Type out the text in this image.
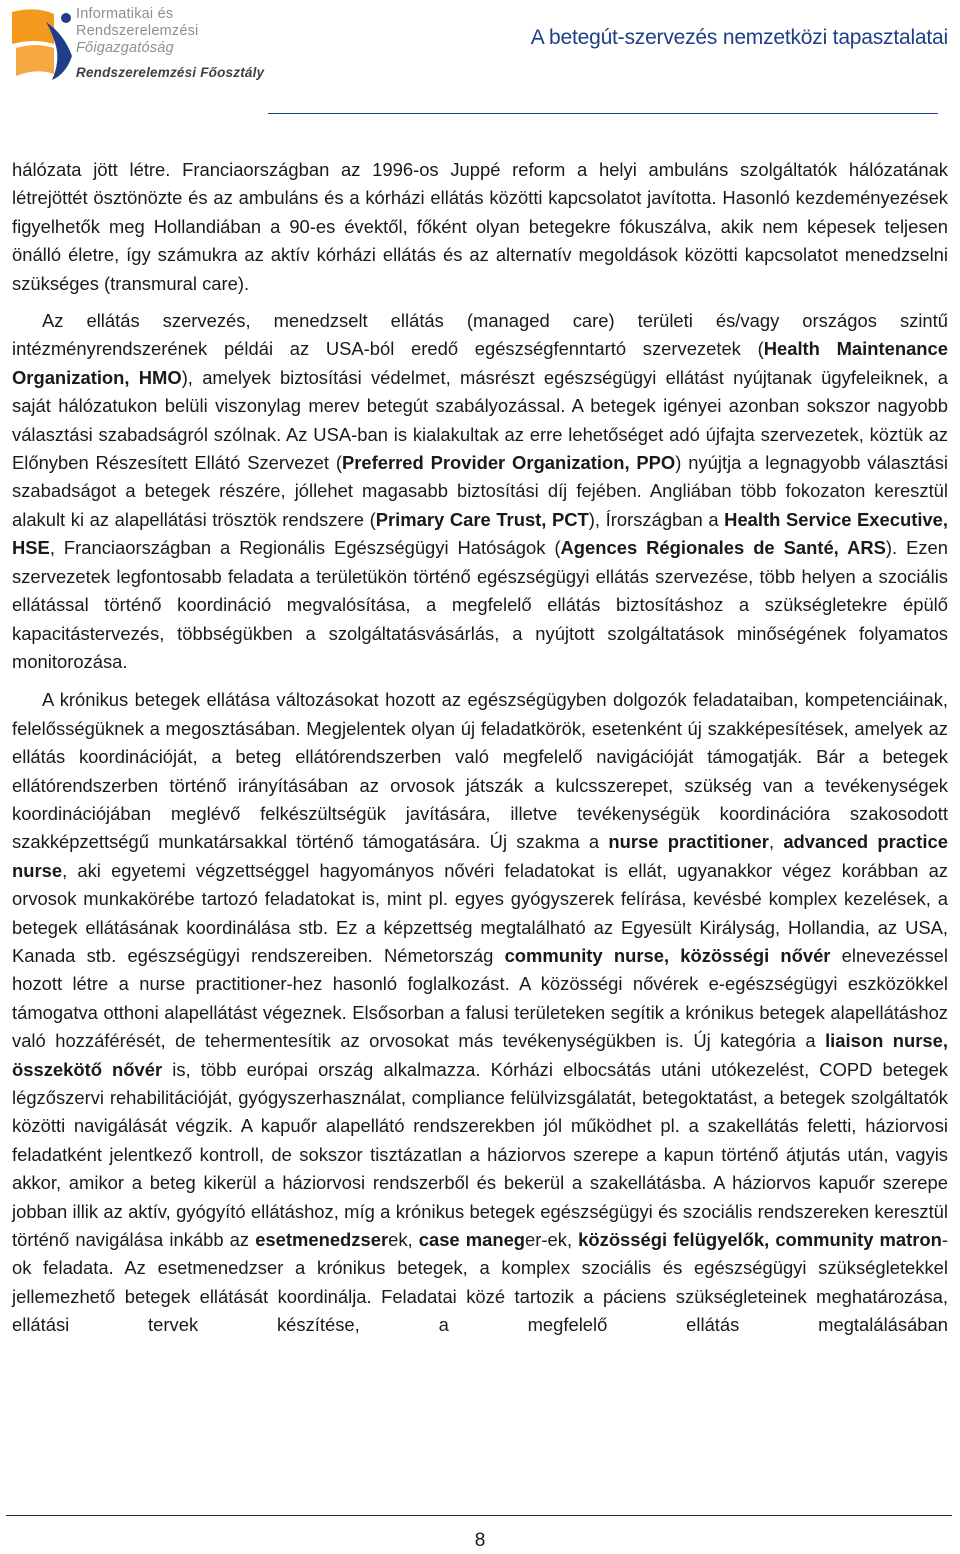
Informatikai és
Rendszerelemzési
Főigazgatóság
Rendszerelemzési Főosztály
A betegút-szervezés nemzetközi tapasztalatai

hálózata jött létre. Franciaországban az 1996-os Juppé reform a helyi ambuláns szolgáltatók hálózatának létrejöttét ösztönözte és az ambuláns és a kórházi ellátás közötti kapcsolatot javította. Hasonló kezdeményezések figyelhetők meg Hollandiában a 90-es évektől, főként olyan betegekre fókuszálva, akik nem képesek teljesen önálló életre, így számukra az aktív kórházi ellátás és az alternatív megoldások közötti kapcsolatot menedzselni szükséges (transmural care).

Az ellátás szervezés, menedzselt ellátás (managed care) területi és/vagy országos szintű intézményrendszerének példái az USA-ból eredő egészségfenntartó szervezetek (Health Maintenance Organization, HMO), amelyek biztosítási védelmet, másrészt egészségügyi ellátást nyújtanak ügyfeleiknek, a saját hálózatukon belüli viszonylag merev betegút szabályozással. A betegek igényei azonban sokszor nagyobb választási szabadságról szólnak. Az USA-ban is kialakultak az erre lehetőséget adó újfajta szervezetek, köztük az Előnyben Részesített Ellátó Szervezet (Preferred Provider Organization, PPO) nyújtja a legnagyobb választási szabadságot a betegek részére, jóllehet magasabb biztosítási díj fejében. Angliában több fokozaton keresztül alakult ki az alapellátási trösztök rendszere (Primary Care Trust, PCT), Írországban a Health Service Executive, HSE, Franciaországban a Regionális Egészségügyi Hatóságok (Agences Régionales de Santé, ARS). Ezen szervezetek legfontosabb feladata a területükön történő egészségügyi ellátás szervezése, több helyen a szociális ellátással történő koordináció megvalósítása, a megfelelő ellátás biztosításhoz a szükségletekre épülő kapacitástervezés, többségükben a szolgáltatásvásárlás, a nyújtott szolgáltatások minőségének folyamatos monitorozása.

A krónikus betegek ellátása változásokat hozott az egészségügyben dolgozók feladataiban, kompetenciáinak, felelősségüknek a megosztásában. Megjelentek olyan új feladatkörök, esetenként új szakképesítések, amelyek az ellátás koordinációját, a beteg ellátórendszerben való megfelelő navigációját támogatják. Bár a betegek ellátórendszerben történő irányításában az orvosok játszák a kulcsszerepet, szükség van a tevékenységek koordinációjában meglévő felkészültségük javítására, illetve tevékenységük koordinációra szakosodott szakképzettségű munkatársakkal történő támogatására. Új szakma a nurse practitioner, advanced practice nurse, aki egyetemi végzettséggel hagyományos nővéri feladatokat is ellát, ugyanakkor végez korábban az orvosok munkakörébe tartozó feladatokat is, mint pl. egyes gyógyszerek felírása, kevésbé komplex kezelések, a betegek ellátásának koordinálása stb. Ez a képzettség megtalálható az Egyesült Királyság, Hollandia, az USA, Kanada stb. egészségügyi rendszereiben. Németország community nurse, közösségi nővér elnevezéssel hozott létre a nurse practitioner-hez hasonló foglalkozást. A közösségi nővérek e-egészségügyi eszközökkel támogatva otthoni alapellátást végeznek. Elsősorban a falusi területeken segítik a krónikus betegek alapellátáshoz való hozzáférését, de tehermentesítik az orvosokat más tevékenységükben is. Új kategória a liaison nurse, összekötő nővér is, több európai ország alkalmazza. Kórházi elbocsátás utáni utókezelést, COPD betegek légzőszervi rehabilitációját, gyógyszerhasználat, compliance felülvizsgálatát, betegoktatást, a betegek szolgáltatók közötti navigálását végzik. A kapuőr alapellátó rendszerekben jól működhet pl. a szakellátás feletti, háziorvosi feladatként jelentkező kontroll, de sokszor tisztázatlan a háziorvos szerepe a kapun történő átjutás után, vagyis akkor, amikor a beteg kikerül a háziorvosi rendszerből és bekerül a szakellátásba. A háziorvos kapuőr szerepe jobban illik az aktív, gyógyító ellátáshoz, míg a krónikus betegek egészségügyi és szociális rendszereken keresztül történő navigálása inkább az esetmenedzserek, case maneger-ek, közösségi felügyelők, community matron-ok feladata. Az esetmenedzser a krónikus betegek, a komplex szociális és egészségügyi szükségletekkel jellemezhető betegek ellátását koordinálja. Feladatai közé tartozik a páciens szükségleteinek meghatározása, ellátási tervek készítése, a megfelelő ellátás megtalálásában

8
